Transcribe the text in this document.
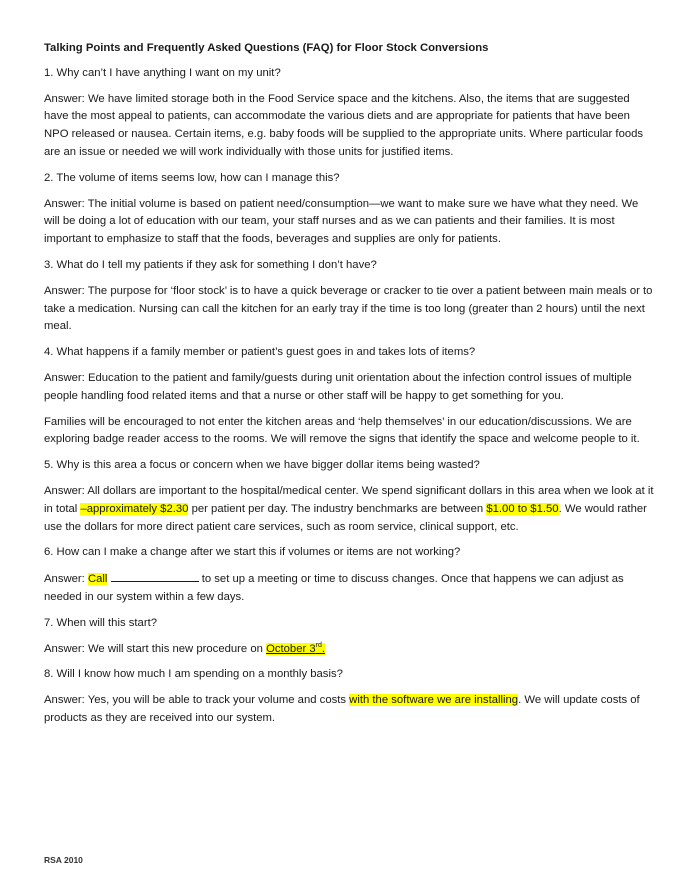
Talking Points and Frequently Asked Questions (FAQ) for Floor Stock Conversions

1. Why can’t I have anything I want on my unit?

Answer: We have limited storage both in the Food Service space and the kitchens. Also, the items that are suggested have the most appeal to patients, can accommodate the various diets and are appropriate for patients that have been NPO released or nausea. Certain items, e.g. baby foods will be supplied to the appropriate units. Where particular foods are an issue or needed we will work individually with those units for justified items.

2. The volume of items seems low, how can I manage this?

Answer: The initial volume is based on patient need/consumption—we want to make sure we have what they need. We will be doing a lot of education with our team, your staff nurses and as we can patients and their families. It is most important to emphasize to staff that the foods, beverages and supplies are only for patients.

3. What do I tell my patients if they ask for something I don’t have?

Answer: The purpose for ‘floor stock’ is to have a quick beverage or cracker to tie over a patient between main meals or to take a medication. Nursing can call the kitchen for an early tray if the time is too long (greater than 2 hours) until the next meal.

4. What happens if a family member or patient’s guest goes in and takes lots of items?

Answer: Education to the patient and family/guests during unit orientation about the infection control issues of multiple people handling food related items and that a nurse or other staff will be happy to get something for you.

Families will be encouraged to not enter the kitchen areas and ‘help themselves’ in our education/discussions. We are exploring badge reader access to the rooms. We will remove the signs that identify the space and welcome people to it.

5. Why is this area a focus or concern when we have bigger dollar items being wasted?

Answer: All dollars are important to the hospital/medical center. We spend significant dollars in this area when we look at it in total –approximately $2.30 per patient per day. The industry benchmarks are between $1.00 to $1.50. We would rather use the dollars for more direct patient care services, such as room service, clinical support, etc.

6. How can I make a change after we start this if volumes or items are not working?

Answer: Call	to set up a meeting or time to discuss changes. Once that happens we can adjust as needed in our system within a few days.

7. When will this start?

Answer: We will start this new procedure on October 3rd.

8. Will I know how much I am spending on a monthly basis?

Answer: Yes, you will be able to track your volume and costs with the software we are installing. We will update costs of products as they are received into our system.

RSA 2010
